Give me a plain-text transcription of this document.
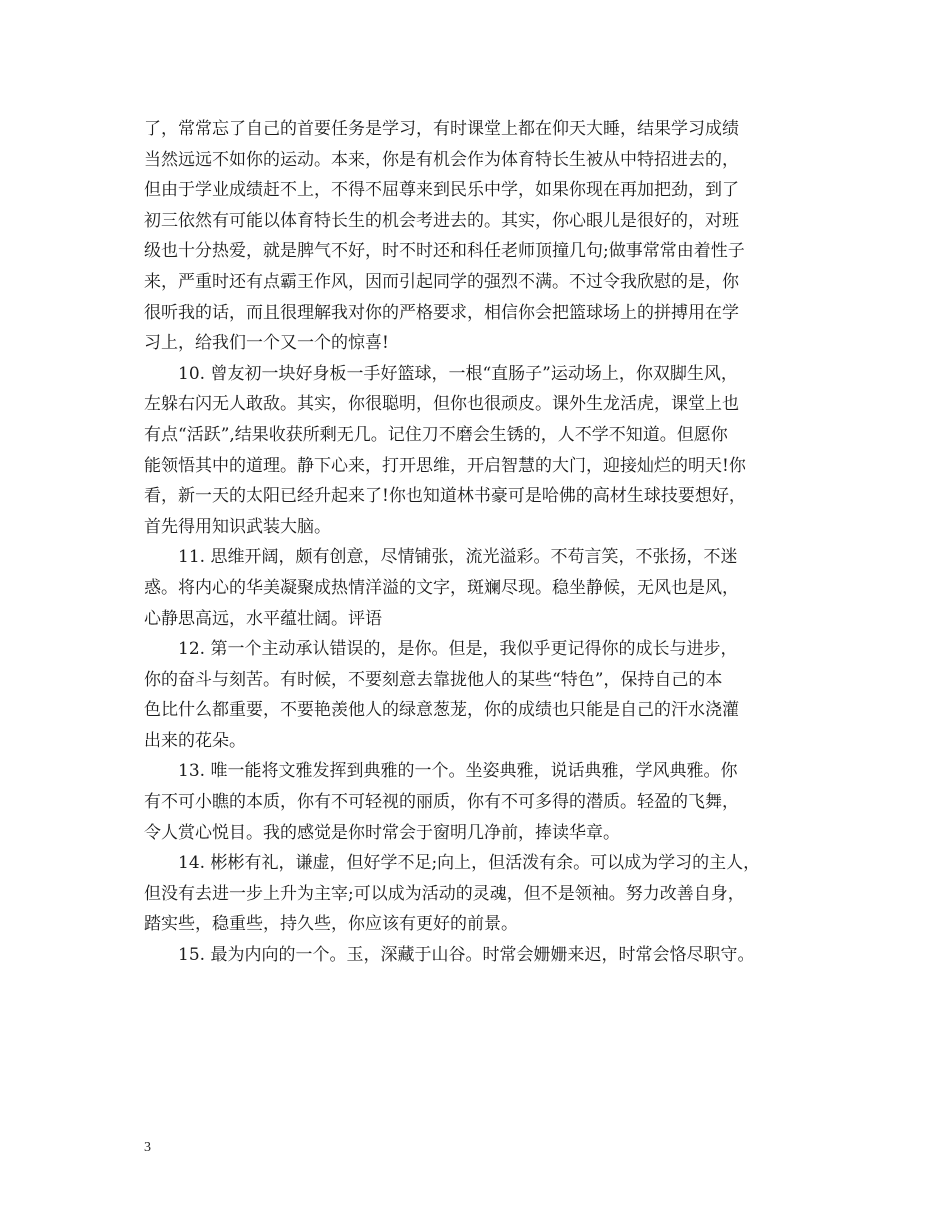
了，常常忘了自己的首要任务是学习，有时课堂上都在仰天大睡，结果学习成绩
当然远远不如你的运动。本来，你是有机会作为体育特长生被从中特招进去的，
但由于学业成绩赶不上，不得不屈尊来到民乐中学，如果你现在再加把劲，到了
初三依然有可能以体育特长生的机会考进去的。其实，你心眼儿是很好的，对班
级也十分热爱，就是脾气不好，时不时还和科任老师顶撞几句;做事常常由着性子
来，严重时还有点霸王作风，因而引起同学的强烈不满。不过令我欣慰的是，你
很听我的话，而且很理解我对你的严格要求，相信你会把篮球场上的拼搏用在学
习上，给我们一个又一个的惊喜!
10. 曾友初一块好身板一手好篮球，一根“直肠子”运动场上，你双脚生风，
左躲右闪无人敢敌。其实，你很聪明，但你也很顽皮。课外生龙活虎，课堂上也
有点“活跃”,结果收获所剩无几。记住刀不磨会生锈的，人不学不知道。但愿你
能领悟其中的道理。静下心来，打开思维，开启智慧的大门，迎接灿烂的明天!你
看，新一天的太阳已经升起来了!你也知道林书豪可是哈佛的高材生球技要想好，
首先得用知识武装大脑。
11. 思维开阔，颇有创意，尽情铺张，流光溢彩。不苟言笑，不张扬，不迷
惑。将内心的华美凝聚成热情洋溢的文字，斑斓尽现。稳坐静候，无风也是风，
心静思高远，水平蕴壮阔。评语
12. 第一个主动承认错误的，是你。但是，我似乎更记得你的成长与进步，
你的奋斗与刻苦。有时候，不要刻意去靠拢他人的某些“特色”，保持自己的本
色比什么都重要，不要艳羡他人的绿意葱茏，你的成绩也只能是自己的汗水浇灌
出来的花朵。
13. 唯一能将文雅发挥到典雅的一个。坐姿典雅，说话典雅，学风典雅。你
有不可小瞧的本质，你有不可轻视的丽质，你有不可多得的潜质。轻盈的飞舞，
令人赏心悦目。我的感觉是你时常会于窗明几净前，捧读华章。
14. 彬彬有礼，谦虚，但好学不足;向上，但活泼有余。可以成为学习的主人，
但没有去进一步上升为主宰;可以成为活动的灵魂，但不是领袖。努力改善自身，
踏实些，稳重些，持久些，你应该有更好的前景。
15. 最为内向的一个。玉，深藏于山谷。时常会姗姗来迟，时常会恪尽职守。
3
